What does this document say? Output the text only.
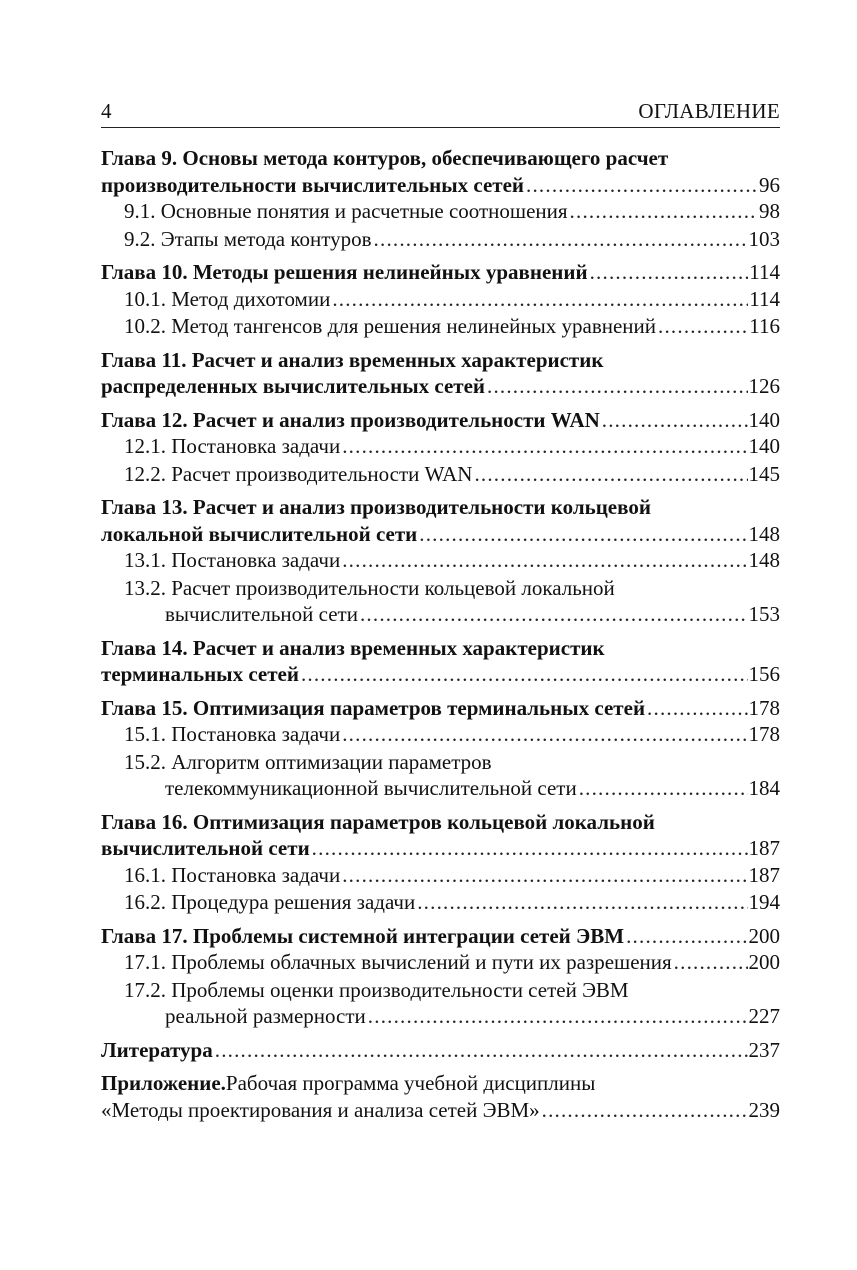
4	ОГЛАВЛЕНИЕ
Глава 9. Основы метода контуров, обеспечивающего расчет
производительности вычислительных сетей .....	96
9.1. Основные понятия и расчетные соотношения .....	98
9.2. Этапы метода контуров .....	103
Глава 10. Методы решения нелинейных уравнений .....	114
10.1. Метод дихотомии .....	114
10.2. Метод тангенсов для решения нелинейных уравнений .....	116
Глава 11. Расчет и анализ временных характеристик
распределенных вычислительных сетей .....	126
Глава 12. Расчет и анализ производительности WAN .....	140
12.1. Постановка задачи .....	140
12.2. Расчет производительности WAN .....	145
Глава 13. Расчет и анализ производительности кольцевой
локальной вычислительной сети .....	148
13.1. Постановка задачи .....	148
13.2. Расчет производительности кольцевой локальной
вычислительной сети .....	153
Глава 14. Расчет и анализ временных характеристик
терминальных сетей .....	156
Глава 15. Оптимизация параметров терминальных сетей .....	178
15.1. Постановка задачи .....	178
15.2. Алгоритм оптимизации параметров
телекоммуникационной вычислительной сети .....	184
Глава 16. Оптимизация параметров кольцевой локальной
вычислительной сети .....	187
16.1. Постановка задачи .....	187
16.2. Процедура решения задачи .....	194
Глава 17. Проблемы системной интеграции сетей ЭВМ .....	200
17.1. Проблемы облачных вычислений и пути их разрешения .....	200
17.2. Проблемы оценки производительности сетей ЭВМ
реальной размерности .....	227
Литература .....	237
Приложение. Рабочая программа учебной дисциплины
«Методы проектирования и анализа сетей ЭВМ» .....	239
